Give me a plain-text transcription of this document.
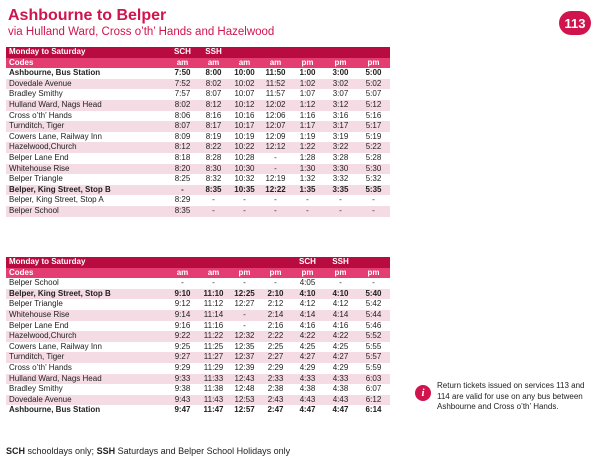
Ashbourne to Belper
via Hulland Ward, Cross o’th’ Hands and Hazelwood
113
Monday to Saturday	SCH	SSH					
Codes	am	am	am	am	pm	pm	pm
Ashbourne, Bus Station	7:50	8:00	10:00	11:50	1:00	3:00	5:00
Dovedale Avenue	7:52	8:02	10:02	11:52	1:02	3:02	5:02
Bradley Smithy	7:57	8:07	10:07	11:57	1:07	3:07	5:07
Hulland Ward, Nags Head	8:02	8:12	10:12	12:02	1:12	3:12	5:12
Cross o’th’ Hands	8:06	8:16	10:16	12:06	1:16	3:16	5:16
Turnditch, Tiger	8:07	8:17	10:17	12:07	1:17	3:17	5:17
Cowers Lane, Railway Inn	8:09	8:19	10:19	12:09	1:19	3:19	5:19
Hazelwood,Church	8:12	8:22	10:22	12:12	1:22	3:22	5:22
Belper Lane End	8:18	8:28	10:28	-	1:28	3:28	5:28
Whitehouse Rise	8:20	8:30	10:30	-	1:30	3:30	5:30
Belper Triangle	8:25	8:32	10:32	12:19	1:32	3:32	5:32
Belper, King Street, Stop B	-	8:35	10:35	12:22	1:35	3:35	5:35
Belper, King Street, Stop A	8:29	-	-	-	-	-	-
Belper School	8:35	-	-	-	-	-	-
Monday to Saturday					SCH	SSH	
Codes	am	am	pm	pm	pm	pm	pm
Belper School	-	-	-	-	4:05	-	-
Belper, King Street, Stop B	9:10	11:10	12:25	2:10	4:10	4:10	5:40
Belper Triangle	9:12	11:12	12:27	2:12	4:12	4:12	5:42
Whitehouse Rise	9:14	11:14	-	2:14	4:14	4:14	5:44
Belper Lane End	9:16	11:16	-	2:16	4:16	4:16	5:46
Hazelwood,Church	9:22	11:22	12:32	2:22	4:22	4:22	5:52
Cowers Lane, Railway Inn	9:25	11:25	12:35	2:25	4:25	4:25	5:55
Turnditch, Tiger	9:27	11:27	12:37	2:27	4:27	4:27	5:57
Cross o’th’ Hands	9:29	11:29	12:39	2:29	4:29	4:29	5:59
Hulland Ward, Nags Head	9:33	11:33	12:43	2:33	4:33	4:33	6:03
Bradley Smithy	9:38	11:38	12:48	2:38	4:38	4:38	6:07
Dovedale Avenue	9:43	11:43	12:53	2:43	4:43	4:43	6:12
Ashbourne, Bus Station	9:47	11:47	12:57	2:47	4:47	4:47	6:14
i
Return tickets issued on services 113 and 114 are valid for use on any bus between Ashbourne and Cross o’th’ Hands.
SCH schooldays only; SSH Saturdays and Belper School Holidays only
